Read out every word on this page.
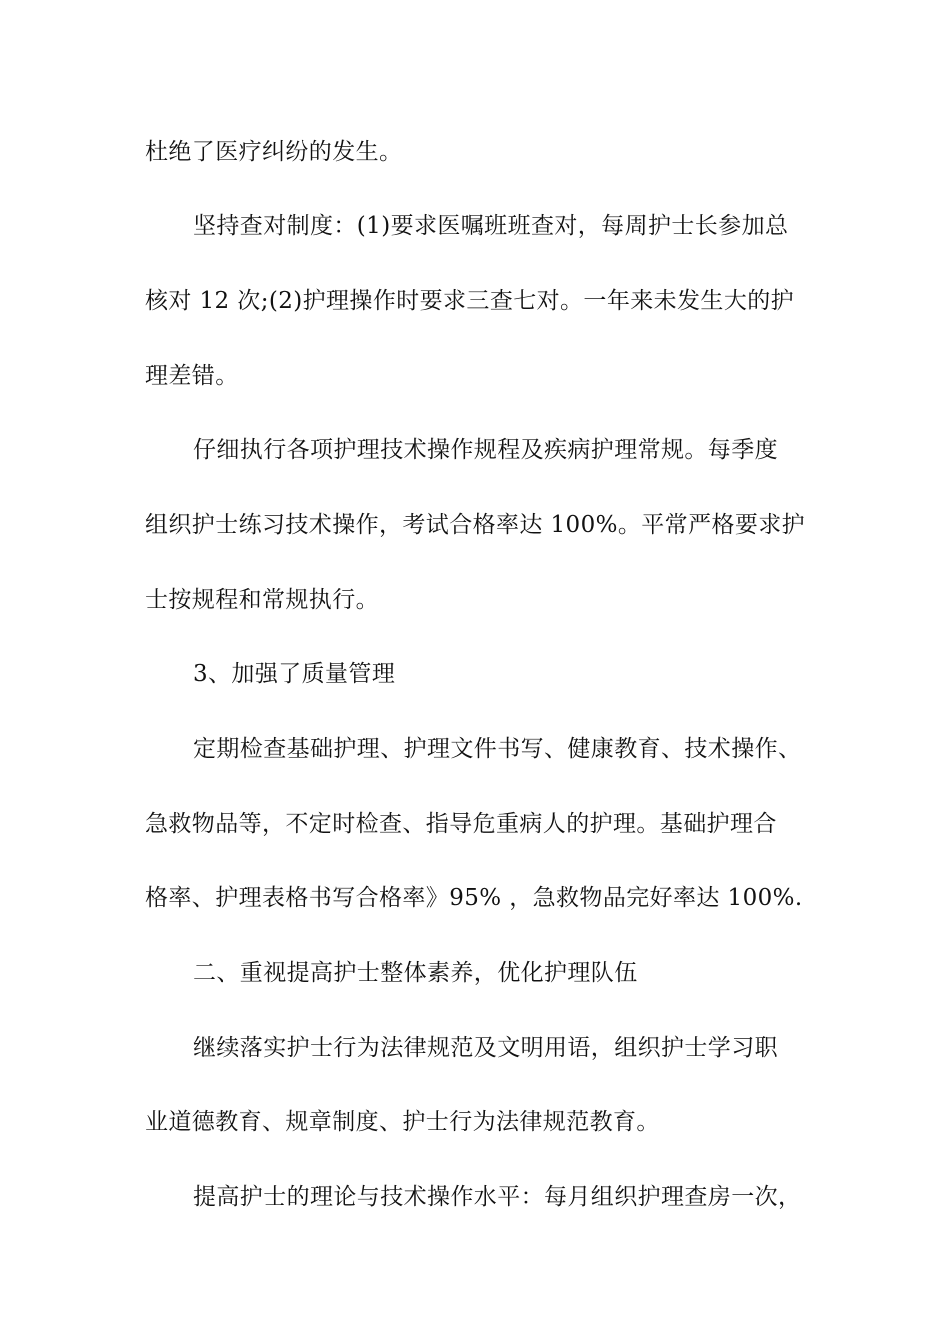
杜绝了医疗纠纷的发生。
坚持查对制度：(1)要求医嘱班班查对，每周护士长参加总
核对 12 次;(2)护理操作时要求三查七对。一年来未发生大的护
理差错。
仔细执行各项护理技术操作规程及疾病护理常规。每季度
组织护士练习技术操作，考试合格率达 100%。平常严格要求护
士按规程和常规执行。
3、加强了质量管理
定期检查基础护理、护理文件书写、健康教育、技术操作、
急救物品等，不定时检查、指导危重病人的护理。基础护理合
格率、护理表格书写合格率》95% ，急救物品完好率达 100%.
二、重视提高护士整体素养，优化护理队伍
继续落实护士行为法律规范及文明用语，组织护士学习职
业道德教育、规章制度、护士行为法律规范教育。
提高护士的理论与技术操作水平：每月组织护理查房一次，
